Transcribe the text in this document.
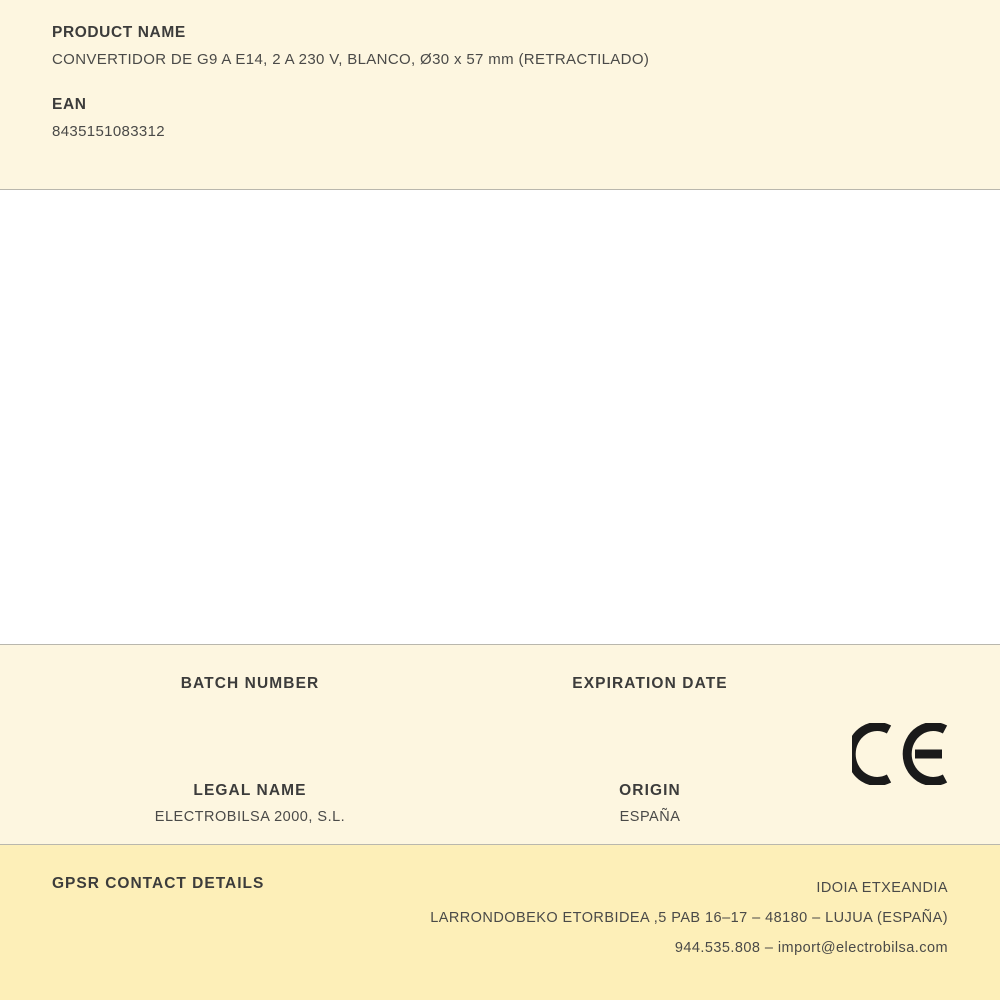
PRODUCT NAME
CONVERTIDOR DE G9 A E14, 2 A 230 V, BLANCO, Ø30 x 57 mm (RETRACTILADO)
EAN
8435151083312
BATCH NUMBER	EXPIRATION DATE
LEGAL NAME
ELECTROBILSA 2000, S.L.
ORIGIN
ESPAÑA
GPSR CONTACT DETAILS	IDOIA ETXEANDIA
LARRONDOBEKO ETORBIDEA ,5 PAB 16–17 – 48180 – LUJUA (ESPAÑA)
944.535.808 – import@electrobilsa.com
